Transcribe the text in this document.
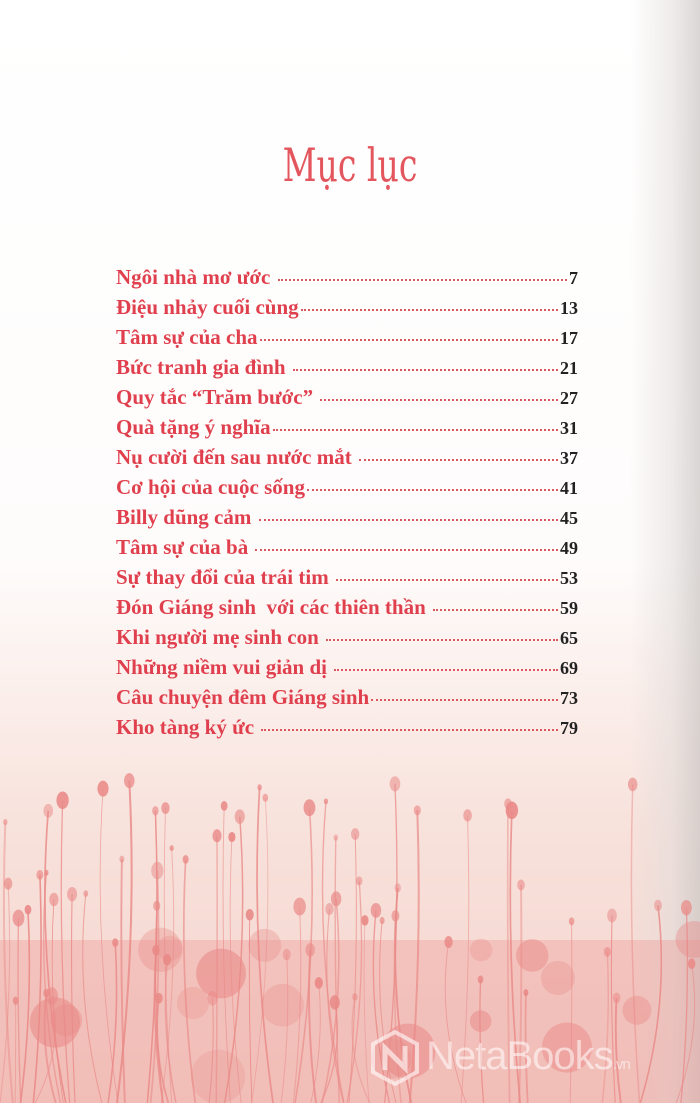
Mục lục
Ngôi nhà mơ ước	7
Điệu nhảy cuối cùng	13
Tâm sự của cha	17
Bức tranh gia đình	21
Quy tắc “Trăm bước”	27
Quà tặng ý nghĩa	31
Nụ cười đến sau nước mắt	37
Cơ hội của cuộc sống	41
Billy dũng cảm	45
Tâm sự của bà	49
Sự thay đổi của trái tim	53
Đón Giáng sinh  với các thiên thần	59
Khi người mẹ sinh con	65
Những niềm vui giản dị	69
Câu chuyện đêm Giáng sinh	73
Kho tàng ký ức	79
NetaBooks.vn
